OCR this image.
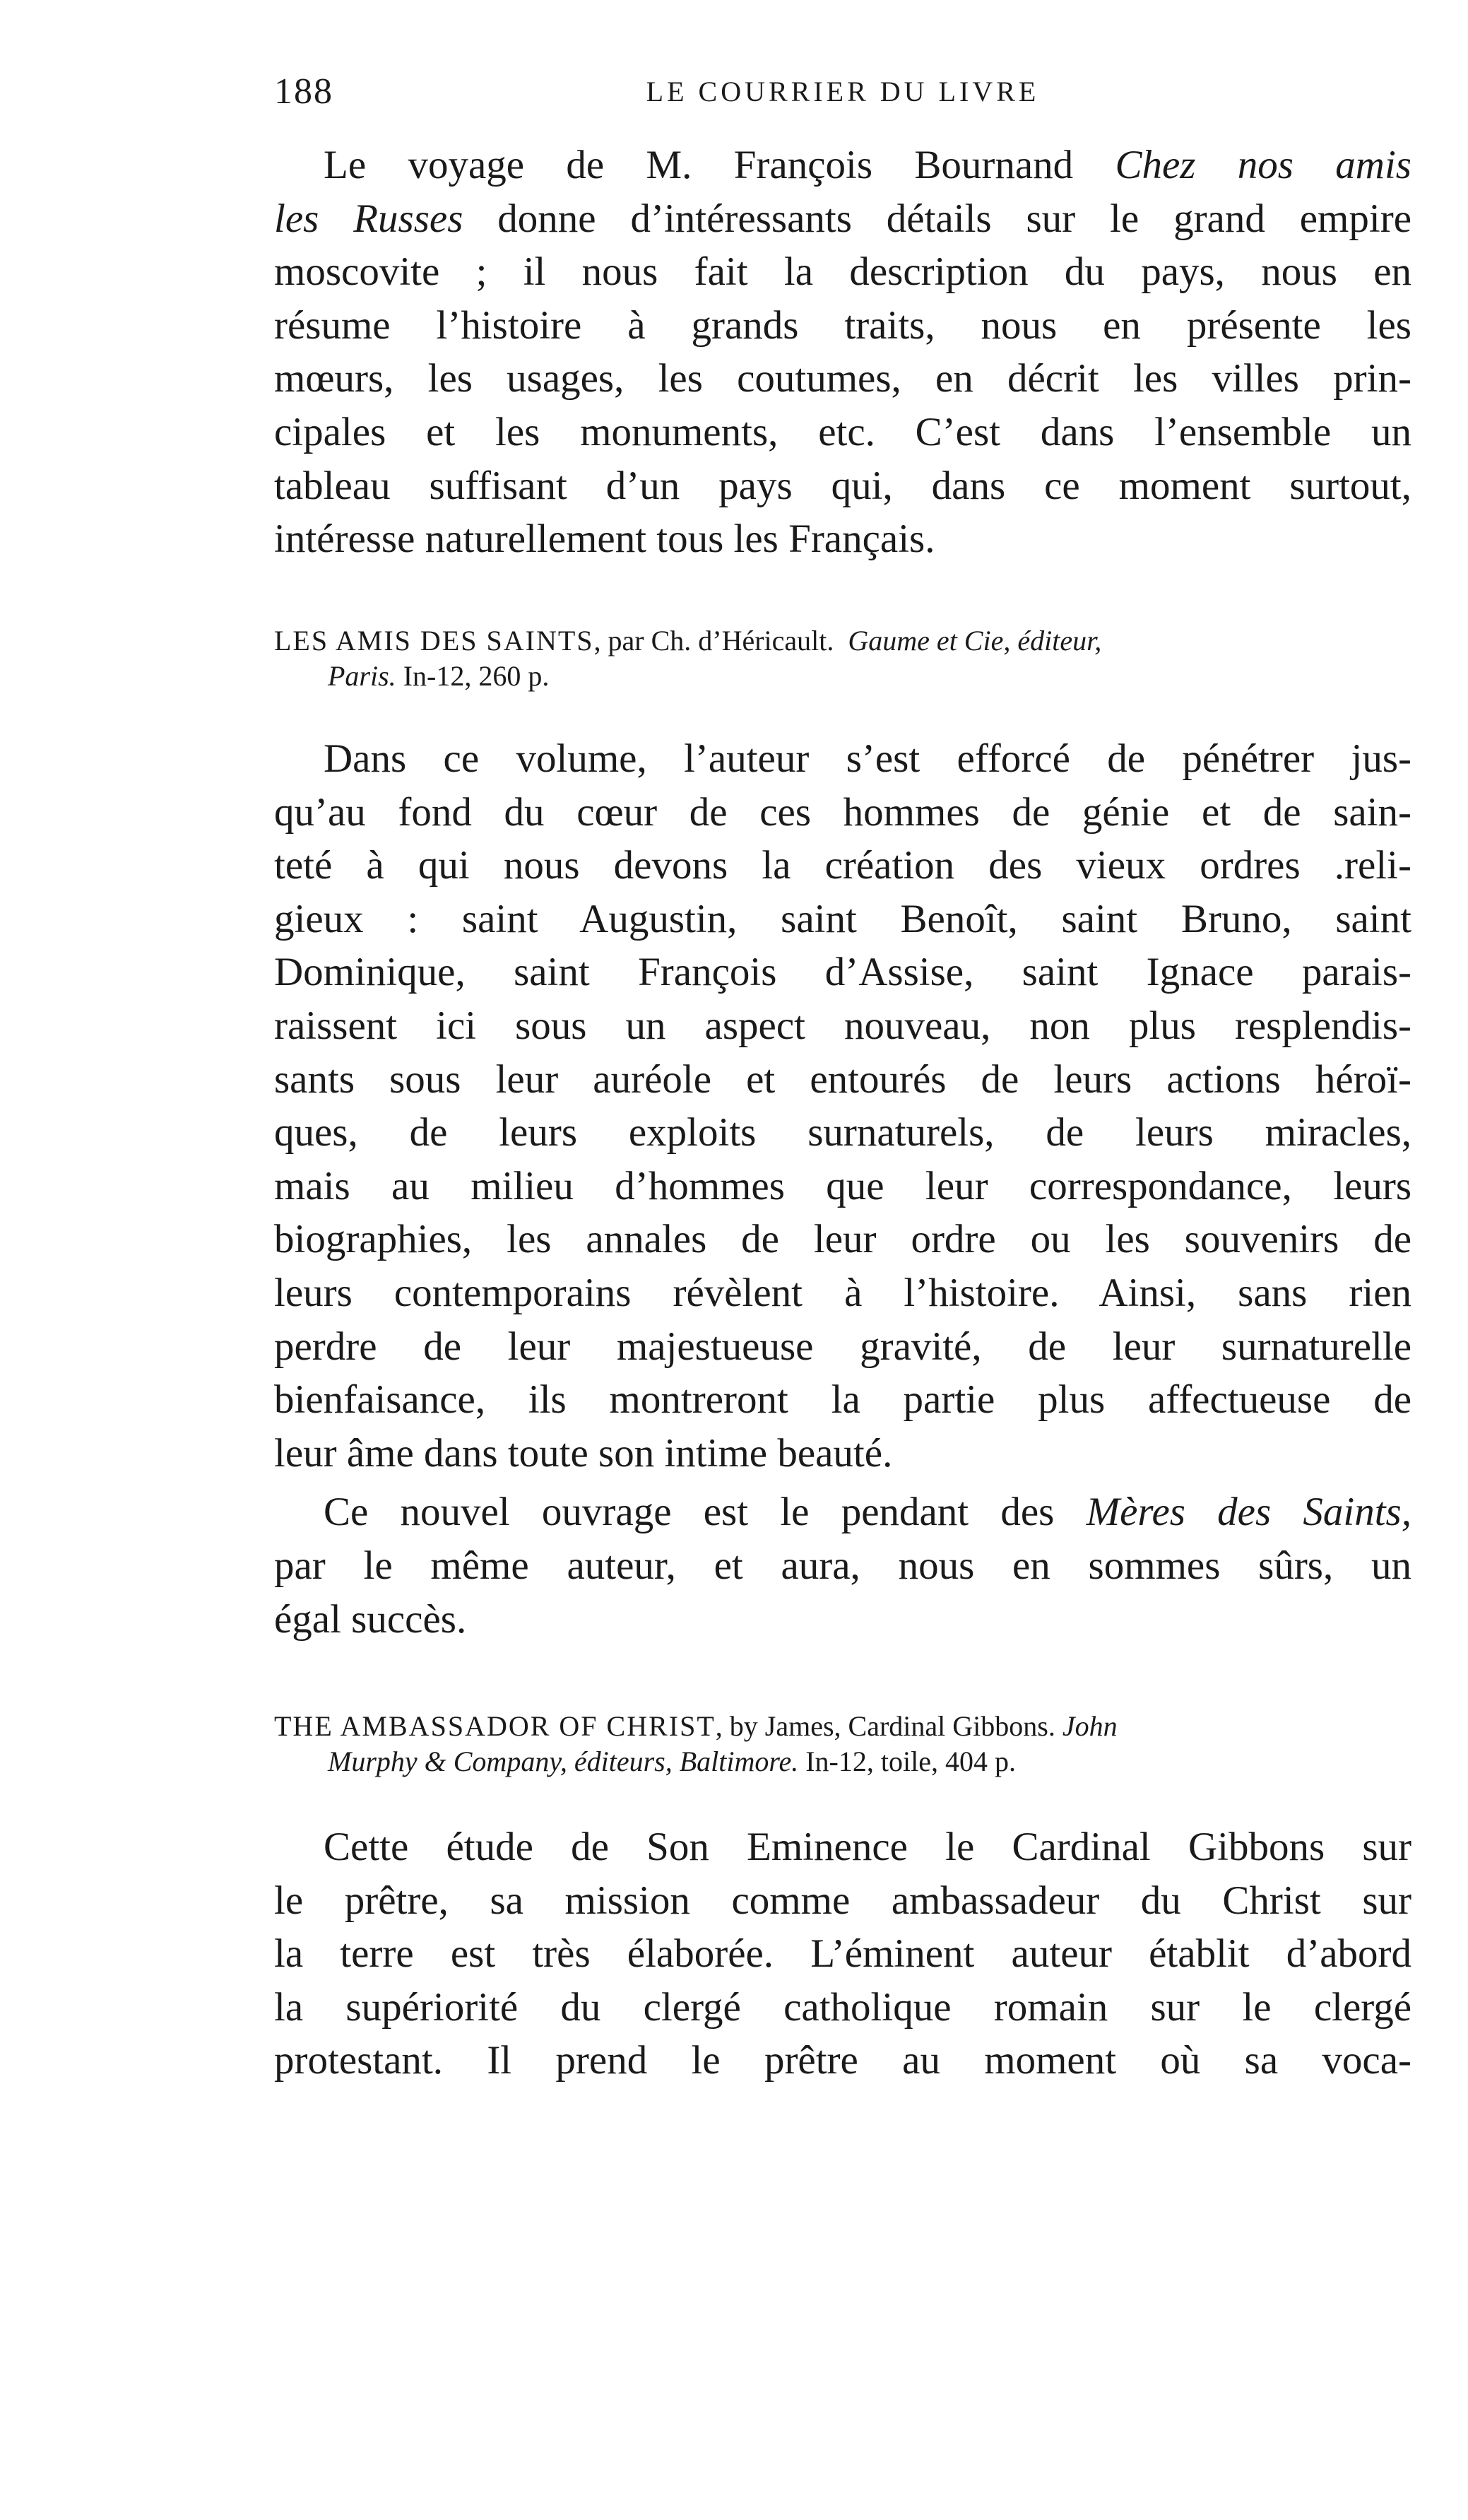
188	LE COURRIER DU LIVRE
Le voyage de M. François Bournand Chez nos amis
les Russes donne d’intéressants détails sur le grand empire
moscovite ; il nous fait la description du pays, nous en
résume l’histoire à grands traits, nous en présente les
mœurs, les usages, les coutumes, en décrit les villes prin-
cipales et les monuments, etc. C’est dans l’ensemble un
tableau suffisant d’un pays qui, dans ce moment surtout,
intéresse naturellement tous les Français.
LES AMIS DES SAINTS, par Ch. d’Héricault. Gaume et Cie, éditeur,
Paris. In-12, 260 p.
Dans ce volume, l’auteur s’est efforcé de pénétrer jus-
qu’au fond du cœur de ces hommes de génie et de sain-
teté à qui nous devons la création des vieux ordres .reli-
gieux : saint Augustin, saint Benoît, saint Bruno, saint
Dominique, saint François d’Assise, saint Ignace parais-
raissent ici sous un aspect nouveau, non plus resplendis-
sants sous leur auréole et entourés de leurs actions héroï-
ques, de leurs exploits surnaturels, de leurs miracles,
mais au milieu d’hommes que leur correspondance, leurs
biographies, les annales de leur ordre ou les souvenirs de
leurs contemporains révèlent à l’histoire. Ainsi, sans rien
perdre de leur majestueuse gravité, de leur surnaturelle
bienfaisance, ils montreront la partie plus affectueuse de
leur âme dans toute son intime beauté.
Ce nouvel ouvrage est le pendant des Mères des Saints,
par le même auteur, et aura, nous en sommes sûrs, un
égal succès.
THE AMBASSADOR OF CHRIST, by James, Cardinal Gibbons. John
Murphy & Company, éditeurs, Baltimore. In-12, toile, 404 p.
Cette étude de Son Eminence le Cardinal Gibbons sur
le prêtre, sa mission comme ambassadeur du Christ sur
la terre est très élaborée. L’éminent auteur établit d’abord
la supériorité du clergé catholique romain sur le clergé
protestant. Il prend le prêtre au moment où sa voca-
